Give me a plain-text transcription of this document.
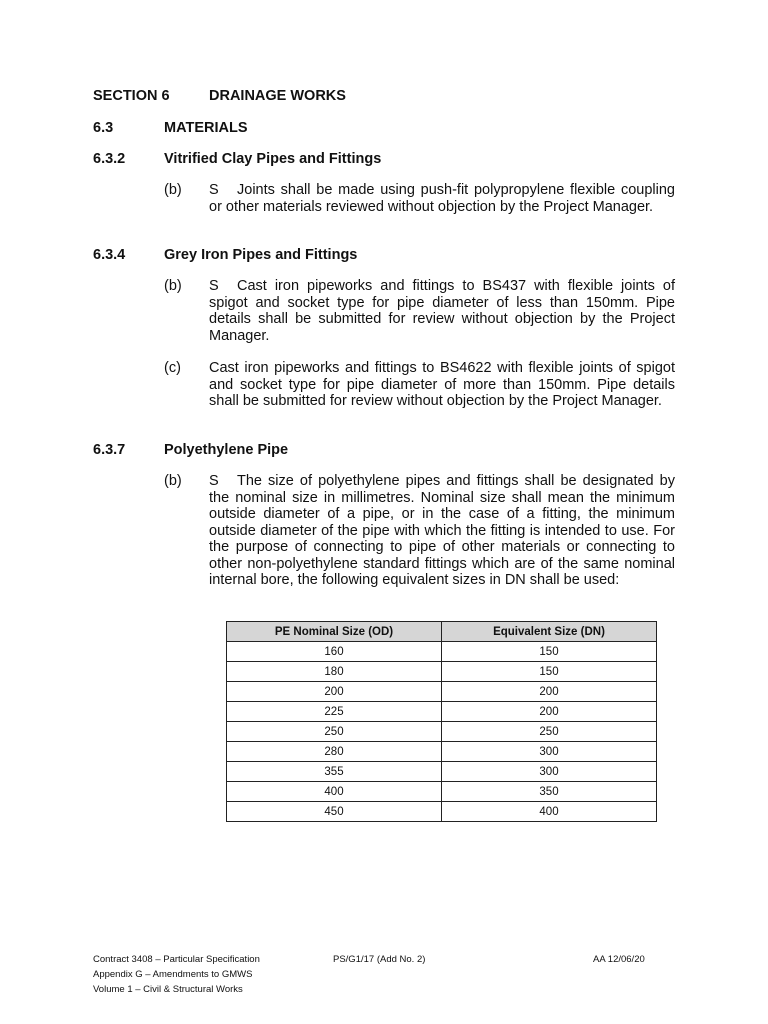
SECTION 6	DRAINAGE WORKS
6.3	MATERIALS
6.3.2	Vitrified Clay Pipes and Fittings
(b) S Joints shall be made using push-fit polypropylene flexible coupling or other materials reviewed without objection by the Project Manager.
6.3.4	Grey Iron Pipes and Fittings
(b) S Cast iron pipeworks and fittings to BS437 with flexible joints of spigot and socket type for pipe diameter of less than 150mm. Pipe details shall be submitted for review without objection by the Project Manager.
(c) Cast iron pipeworks and fittings to BS4622 with flexible joints of spigot and socket type for pipe diameter of more than 150mm. Pipe details shall be submitted for review without objection by the Project Manager.
6.3.7	Polyethylene Pipe
(b) S The size of polyethylene pipes and fittings shall be designated by the nominal size in millimetres. Nominal size shall mean the minimum outside diameter of a pipe, or in the case of a fitting, the minimum outside diameter of the pipe with which the fitting is intended to use. For the purpose of connecting to pipe of other materials or connecting to other non-polyethylene standard fittings which are of the same nominal internal bore, the following equivalent sizes in DN shall be used:
PE Nominal Size (OD)	Equivalent Size (DN)
160	150
180	150
200	200
225	200
250	250
280	300
355	300
400	350
450	400
Contract 3408 – Particular Specification
Appendix G – Amendments to GMWS
Volume 1 – Civil & Structural Works
PS/G1/17 (Add No. 2)	AA 12/06/20
